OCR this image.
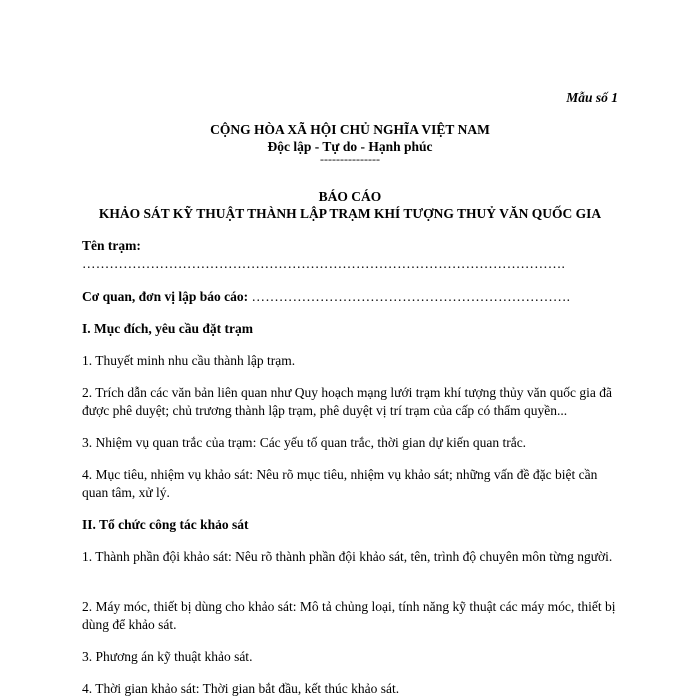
Mẫu số 1
CỘNG HÒA XÃ HỘI CHỦ NGHĨA VIỆT NAM
Độc lập - Tự do - Hạnh phúc
---------------
BÁO CÁO
KHẢO SÁT KỸ THUẬT THÀNH LẬP TRẠM KHÍ TƯỢNG THUỶ VĂN QUỐC GIA
Tên trạm:
…………………………………………………………………………………………….
Cơ quan, đơn vị lập báo cáo: …………………………………………………………….
I. Mục đích, yêu cầu đặt trạm

1. Thuyết minh nhu cầu thành lập trạm.

2. Trích dẫn các văn bản liên quan như Quy hoạch mạng lưới trạm khí tượng thủy văn quốc gia đã được phê duyệt; chủ trương thành lập trạm, phê duyệt vị trí trạm của cấp có thẩm quyền...

3. Nhiệm vụ quan trắc của trạm: Các yếu tố quan trắc, thời gian dự kiến quan trắc.

4. Mục tiêu, nhiệm vụ khảo sát: Nêu rõ mục tiêu, nhiệm vụ khảo sát; những vấn đề đặc biệt cần quan tâm, xử lý.

II. Tổ chức công tác khảo sát

1. Thành phần đội khảo sát: Nêu rõ thành phần đội khảo sát, tên, trình độ chuyên môn từng người.

2. Máy móc, thiết bị dùng cho khảo sát: Mô tả chủng loại, tính năng kỹ thuật các máy móc, thiết bị dùng để khảo sát.

3. Phương án kỹ thuật khảo sát.

4. Thời gian khảo sát: Thời gian bắt đầu, kết thúc khảo sát.
